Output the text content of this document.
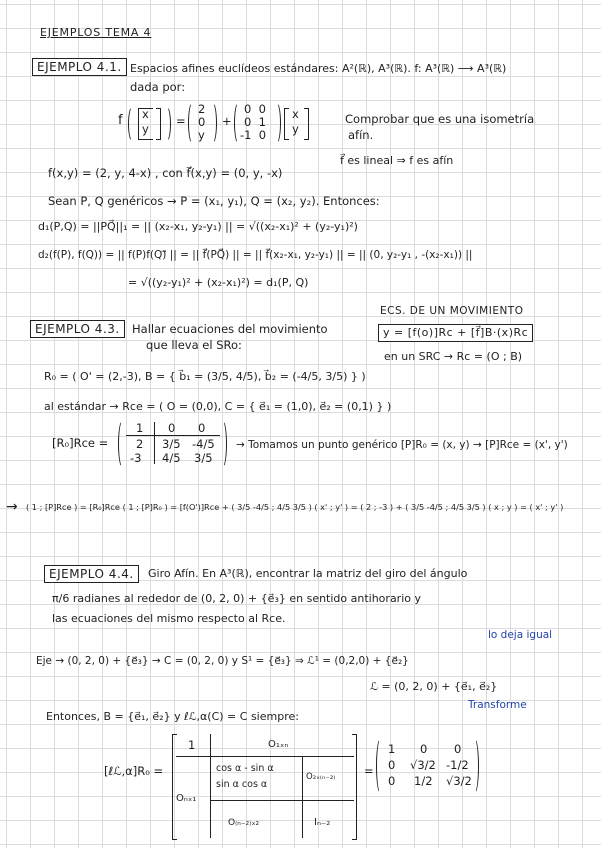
EJEMPLOS TEMA 4
EJEMPLO 4.1. Espacios afines euclídeos estándares: A²(ℝ), A³(ℝ). f: A³(ℝ) ⟶ A³(ℝ)
dada por:
f x
y
=
2
0
y
+
0  0
0  1
-1  0
x
y
Comprobar que es una isometría
afín.
f(x,y) = (2, y, 4-x) , con f⃗(x,y) = (0, y, -x)
f⃗ es lineal ⇒ f es afín
Sean P, Q genéricos → P = (x₁, y₁), Q = (x₂, y₂). Entonces:
d₁(P,Q) = ||PQ⃗||₁ = || (x₂-x₁, y₂-y₁) || = √((x₂-x₁)² + (y₂-y₁)²)
d₂(f(P), f(Q)) = || f(P)f(Q)⃗ || = || f⃗(PQ⃗) || = || f⃗(x₂-x₁, y₂-y₁) || = || (0, y₂-y₁ , -(x₂-x₁)) ||
= √((y₂-y₁)² + (x₂-x₁)²) = d₁(P, Q)
ECS. DE UN MOVIMIENTO
y = [f(o)]Rc + [f⃗]B·(x)Rc
en un SRC → Rc = (O ; B)
EJEMPLO 4.3.	Hallar ecuaciones del movimiento
que lleva el SRo:
R₀ = ( O' = (2,-3), B = { b⃗₁ = (3/5, 4/5), b⃗₂ = (-4/5, 3/5) } )
al estándar → Rce = ( O = (0,0), C = { e⃗₁ = (1,0), e⃗₂ = (0,1) } )
[R₀]Rce =
1 0 0
2 3/5 -4/5
-3 4/5 3/5
→ Tomamos un punto genérico [P]R₀ = (x, y) → [P]Rce = (x', y')
→ ( 1 ; [P]Rce ) = [R₀]Rce ( 1 ; [P]R₀ ) = [f(O')]Rce + ( 3/5 -4/5 ; 4/5 3/5 ) ( x' ; y' ) = ( 2 ; -3 ) + ( 3/5 -4/5 ; 4/5 3/5 ) ( x ; y ) = ( x' ; y' )
EJEMPLO 4.4.	Giro Afín. En A³(ℝ), encontrar la matriz del giro del ángulo
π/6 radianes al rededor de (0, 2, 0) + {e⃗₃} en sentido antihorario y
las ecuaciones del mismo respecto al Rce.
lo deja igual
Eje → (0, 2, 0) + {e⃗₃} → C = (0, 2, 0) y S¹ = {e⃗₃} ⇒ ℒ¹ = (0,2,0) + {e⃗₂}
ℒ = (0, 2, 0) + {e⃗₁, e⃗₂}
Transforme
Entonces, B = {e⃗₁, e⃗₂} y ℓℒ,α(C) = C siempre:
[ℓℒ,α]R₀ =
1	O₁ₓₙ
Oₙₓ₁
cos α - sin α
sin α cos α
O₂ₓ₍ₙ₋₂₎
O₍ₙ₋₂₎ₓ₂	Iₙ₋₂
=
1 0 0
0 √3/2 -1/2
0 1/2 √3/2
